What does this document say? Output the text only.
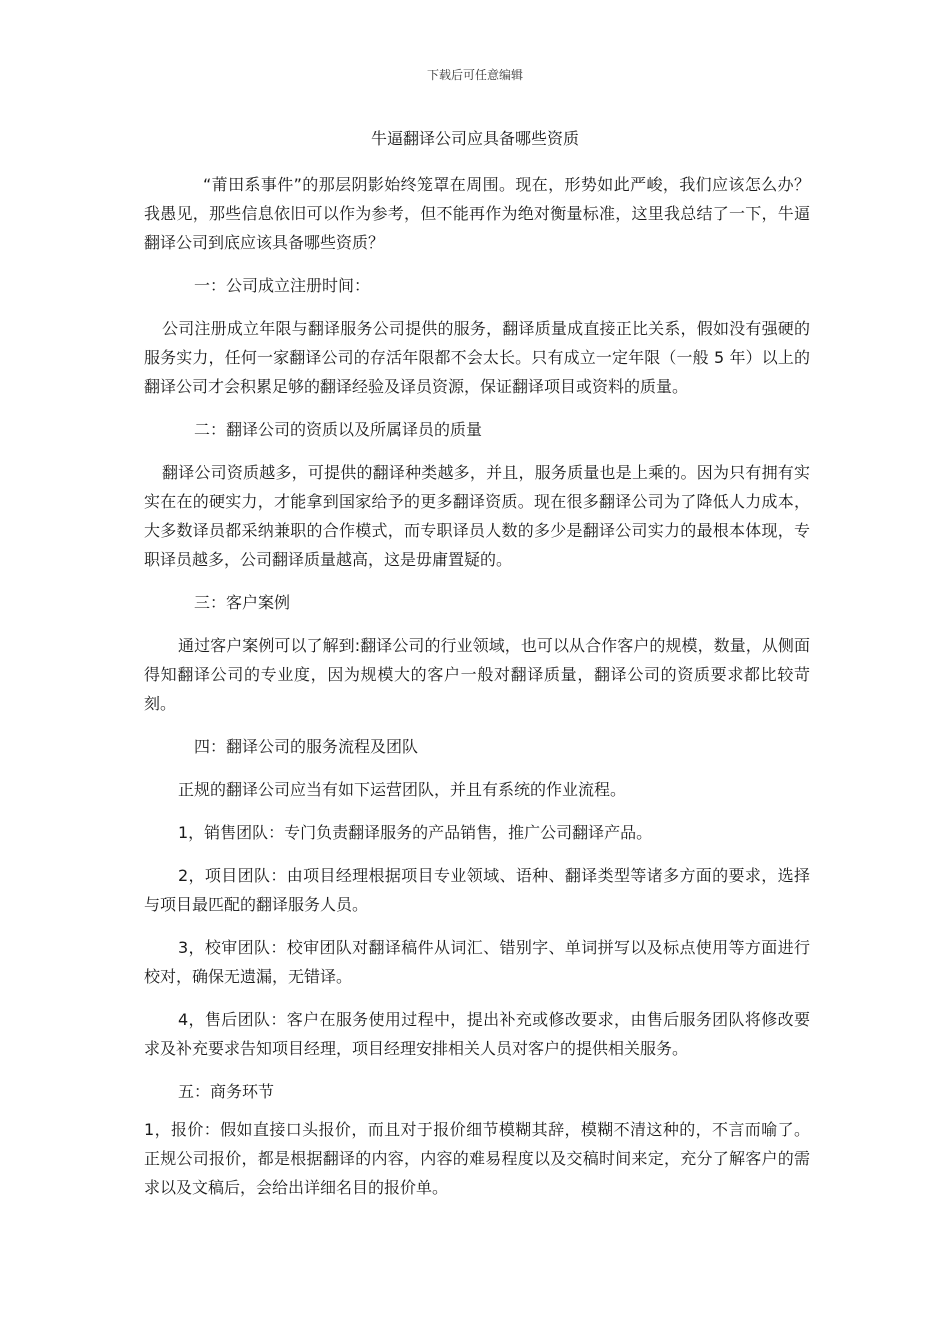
下载后可任意编辑
牛逼翻译公司应具备哪些资质

“莆田系事件”的那层阴影始终笼罩在周围。现在，形势如此严峻，我们应该怎么办？我愚见，那些信息依旧可以作为参考，但不能再作为绝对衡量标准，这里我总结了一下，牛逼翻译公司到底应该具备哪些资质？

一：公司成立注册时间：

公司注册成立年限与翻译服务公司提供的服务，翻译质量成直接正比关系，假如没有强硬的服务实力，任何一家翻译公司的存活年限都不会太长。只有成立一定年限（一般 5 年）以上的翻译公司才会积累足够的翻译经验及译员资源，保证翻译项目或资料的质量。

二：翻译公司的资质以及所属译员的质量

翻译公司资质越多，可提供的翻译种类越多，并且，服务质量也是上乘的。因为只有拥有实实在在的硬实力，才能拿到国家给予的更多翻译资质。现在很多翻译公司为了降低人力成本，大多数译员都采纳兼职的合作模式，而专职译员人数的多少是翻译公司实力的最根本体现，专职译员越多，公司翻译质量越高，这是毋庸置疑的。

三：客户案例

通过客户案例可以了解到:翻译公司的行业领域，也可以从合作客户的规模，数量，从侧面得知翻译公司的专业度，因为规模大的客户一般对翻译质量，翻译公司的资质要求都比较苛刻。

四：翻译公司的服务流程及团队

正规的翻译公司应当有如下运营团队，并且有系统的作业流程。

1，销售团队：专门负责翻译服务的产品销售，推广公司翻译产品。

2，项目团队：由项目经理根据项目专业领域、语种、翻译类型等诸多方面的要求，选择与项目最匹配的翻译服务人员。

3，校审团队：校审团队对翻译稿件从词汇、错别字、单词拼写以及标点使用等方面进行校对，确保无遗漏，无错译。

4，售后团队：客户在服务使用过程中，提出补充或修改要求，由售后服务团队将修改要求及补充要求告知项目经理，项目经理安排相关人员对客户的提供相关服务。

五：商务环节

1，报价：假如直接口头报价，而且对于报价细节模糊其辞，模糊不清这种的，不言而喻了。正规公司报价，都是根据翻译的内容，内容的难易程度以及交稿时间来定，充分了解客户的需求以及文稿后，会给出详细名目的报价单。
